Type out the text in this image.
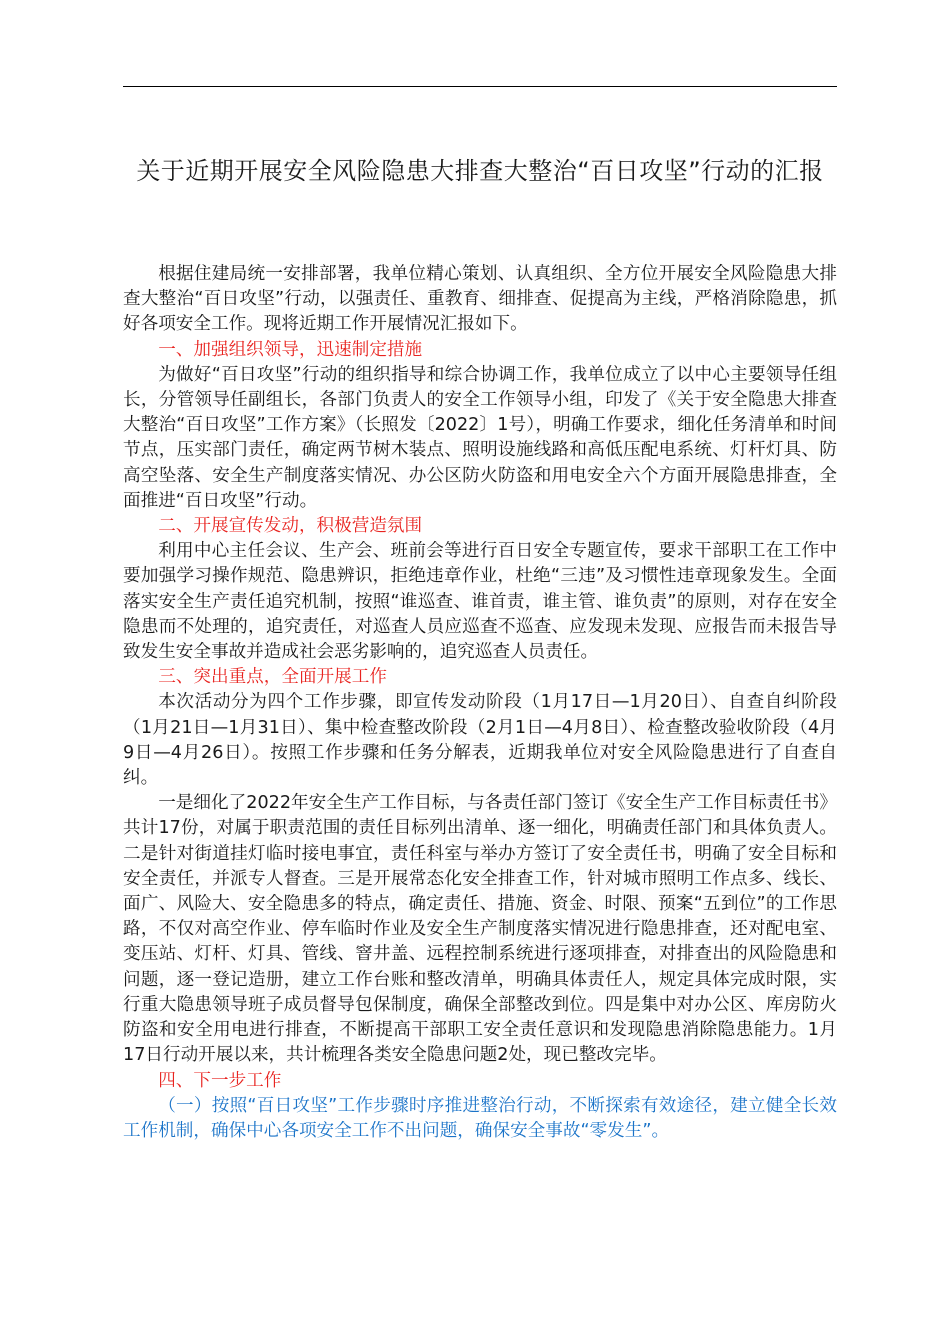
关于近期开展安全风险隐患大排查大整治“百日攻坚”行动的汇报

根据住建局统一安排部署，我单位精心策划、认真组织、全方位开展安全风险隐患大排查大整治“百日攻坚”行动，以强责任、重教育、细排查、促提高为主线，严格消除隐患，抓好各项安全工作。现将近期工作开展情况汇报如下。

一、加强组织领导，迅速制定措施

为做好“百日攻坚”行动的组织指导和综合协调工作，我单位成立了以中心主要领导任组长，分管领导任副组长，各部门负责人的安全工作领导小组，印发了《关于安全隐患大排查大整治“百日攻坚”工作方案》（长照发〔2022〕1号），明确工作要求，细化任务清单和时间节点，压实部门责任，确定两节树木装点、照明设施线路和高低压配电系统、灯杆灯具、防高空坠落、安全生产制度落实情况、办公区防火防盗和用电安全六个方面开展隐患排查，全面推进“百日攻坚”行动。

二、开展宣传发动，积极营造氛围

利用中心主任会议、生产会、班前会等进行百日安全专题宣传，要求干部职工在工作中要加强学习操作规范、隐患辨识，拒绝违章作业，杜绝“三违”及习惯性违章现象发生。全面落实安全生产责任追究机制，按照“谁巡查、谁首责，谁主管、谁负责”的原则，对存在安全隐患而不处理的，追究责任，对巡查人员应巡查不巡查、应发现未发现、应报告而未报告导致发生安全事故并造成社会恶劣影响的，追究巡查人员责任。

三、突出重点，全面开展工作

本次活动分为四个工作步骤，即宣传发动阶段（1月17日—1月20日）、自查自纠阶段（1月21日—1月31日）、集中检查整改阶段（2月1日—4月8日）、检查整改验收阶段（4月9日—4月26日）。按照工作步骤和任务分解表，近期我单位对安全风险隐患进行了自查自纠。

一是细化了2022年安全生产工作目标，与各责任部门签订《安全生产工作目标责任书》共计17份，对属于职责范围的责任目标列出清单、逐一细化，明确责任部门和具体负责人。二是针对街道挂灯临时接电事宜，责任科室与举办方签订了安全责任书，明确了安全目标和安全责任，并派专人督查。三是开展常态化安全排查工作，针对城市照明工作点多、线长、面广、风险大、安全隐患多的特点，确定责任、措施、资金、时限、预案“五到位”的工作思路，不仅对高空作业、停车临时作业及安全生产制度落实情况进行隐患排查，还对配电室、变压站、灯杆、灯具、管线、窨井盖、远程控制系统进行逐项排查，对排查出的风险隐患和问题，逐一登记造册，建立工作台账和整改清单，明确具体责任人，规定具体完成时限，实行重大隐患领导班子成员督导包保制度，确保全部整改到位。四是集中对办公区、库房防火防盗和安全用电进行排查，不断提高干部职工安全责任意识和发现隐患消除隐患能力。1月17日行动开展以来，共计梳理各类安全隐患问题2处，现已整改完毕。

四、下一步工作

（一）按照“百日攻坚”工作步骤时序推进整治行动，不断探索有效途径，建立健全长效工作机制，确保中心各项安全工作不出问题，确保安全事故“零发生”。
